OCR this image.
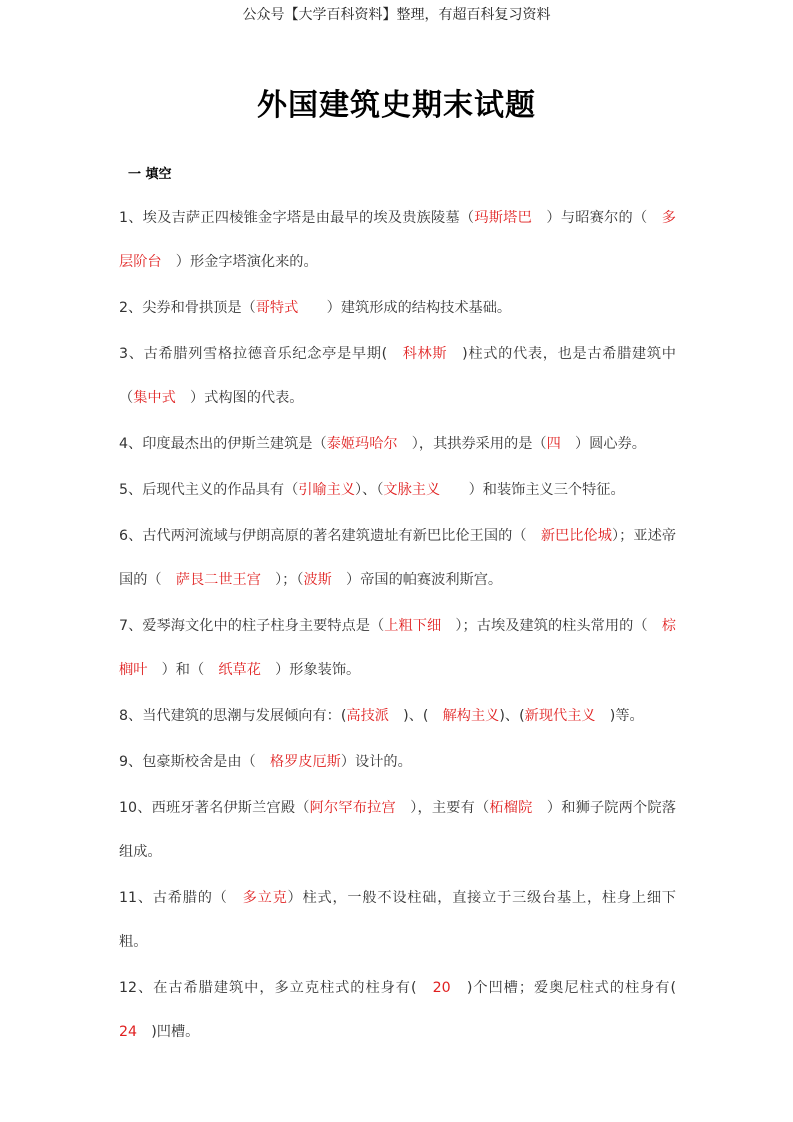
公众号【大学百科资料】整理，有超百科复习资料
外国建筑史期末试题
一 填空

1、埃及吉萨正四棱锥金字塔是由最早的埃及贵族陵墓（玛斯塔巴　）与昭赛尔的（　多层阶台　）形金字塔演化来的。

2、尖券和骨拱顶是（哥特式　　）建筑形成的结构技术基础。

3、古希腊列雪格拉德音乐纪念亭是早期(　科林斯　)柱式的代表，也是古希腊建筑中（集中式　）式构图的代表。

4、印度最杰出的伊斯兰建筑是（泰姬玛哈尔　），其拱券采用的是（四　）圆心券。

5、后现代主义的作品具有（引喻主义）、（文脉主义　　）和装饰主义三个特征。

6、古代两河流域与伊朗高原的著名建筑遗址有新巴比伦王国的（　新巴比伦城）；亚述帝国的（　萨艮二世王宫　）；（波斯　）帝国的帕赛波利斯宫。

7、爱琴海文化中的柱子柱身主要特点是（上粗下细　）；古埃及建筑的柱头常用的（　棕榈叶　）和（　纸草花　）形象装饰。

8、当代建筑的思潮与发展倾向有：(高技派　)、(　解构主义)、(新现代主义　)等。

9、包豪斯校舍是由（　格罗皮厄斯）设计的。

10、西班牙著名伊斯兰宫殿（阿尔罕布拉宫　），主要有（柘榴院　）和狮子院两个院落组成。

11、古希腊的（　多立克）柱式，一般不设柱础，直接立于三级台基上，柱身上细下粗。

12、在古希腊建筑中，多立克柱式的柱身有(　20　)个凹槽；爱奥尼柱式的柱身有(　24　)凹槽。
